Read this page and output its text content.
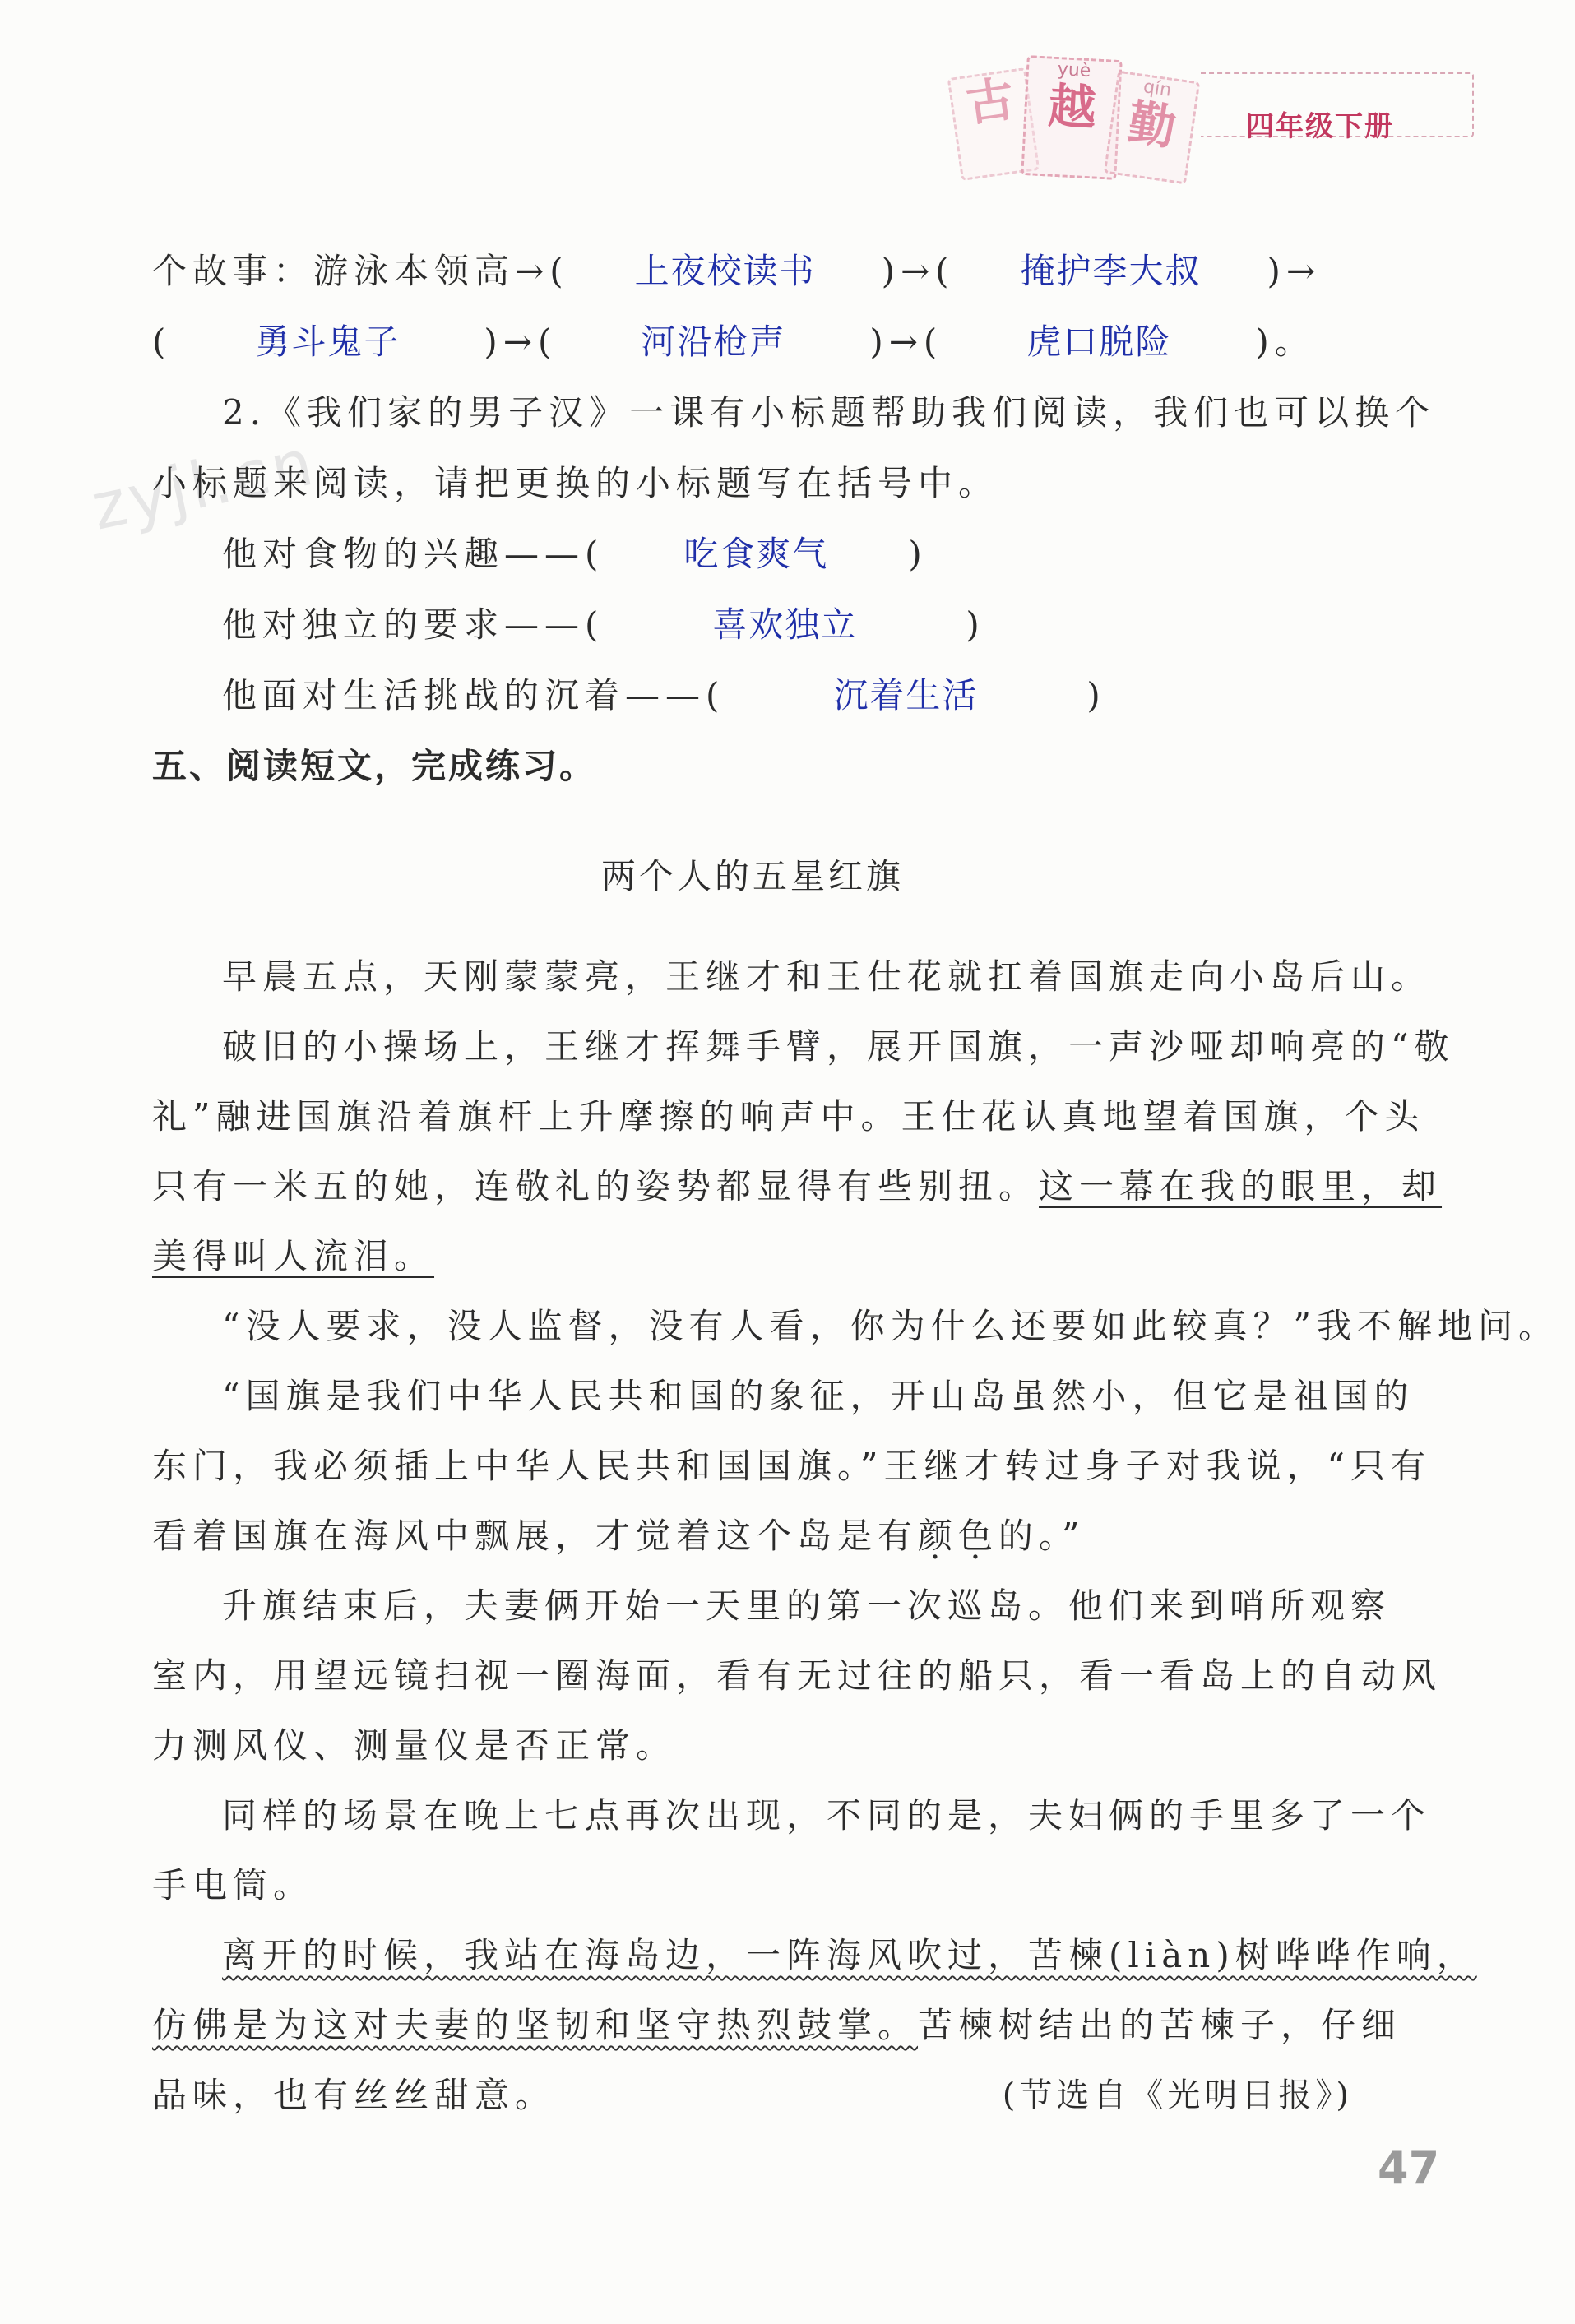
古	yuè
越	qín
勤	四年级下册
zyjl.cn
个故事：游泳本领高→( 上夜校读书 )→( 掩护李大叔 )→
( 勇斗鬼子 )→( 河沿枪声 )→( 虎口脱险 )。
2.《我们家的男子汉》一课有小标题帮助我们阅读，我们也可以换个
小标题来阅读，请把更换的小标题写在括号中。
他对食物的兴趣——( 吃食爽气 )
他对独立的要求——(	喜欢独立	)
他面对生活挑战的沉着——(	沉着生活	)
五、阅读短文，完成练习。
两个人的五星红旗
早晨五点，天刚蒙蒙亮，王继才和王仕花就扛着国旗走向小岛后山。
破旧的小操场上，王继才挥舞手臂，展开国旗，一声沙哑却响亮的“敬
礼”融进国旗沿着旗杆上升摩擦的响声中。王仕花认真地望着国旗，个头
只有一米五的她，连敬礼的姿势都显得有些别扭。这一幕在我的眼里，却
美得叫人流泪。
“没人要求，没人监督，没有人看，你为什么还要如此较真？”我不解地问。
“国旗是我们中华人民共和国的象征，开山岛虽然小，但它是祖国的
东门，我必须插上中华人民共和国国旗。”王继才转过身子对我说，“只有
看着国旗在海风中飘展，才觉着这个岛是有颜色的。”
升旗结束后，夫妻俩开始一天里的第一次巡岛。他们来到哨所观察
室内，用望远镜扫视一圈海面，看有无过往的船只，看一看岛上的自动风
力测风仪、测量仪是否正常。
同样的场景在晚上七点再次出现，不同的是，夫妇俩的手里多了一个
手电筒。
离开的时候，我站在海岛边，一阵海风吹过，苦楝(liàn)树哗哗作响，
仿佛是为这对夫妻的坚韧和坚守热烈鼓掌。苦楝树结出的苦楝子，仔细
品味，也有丝丝甜意。	(节选自《光明日报》)
47
